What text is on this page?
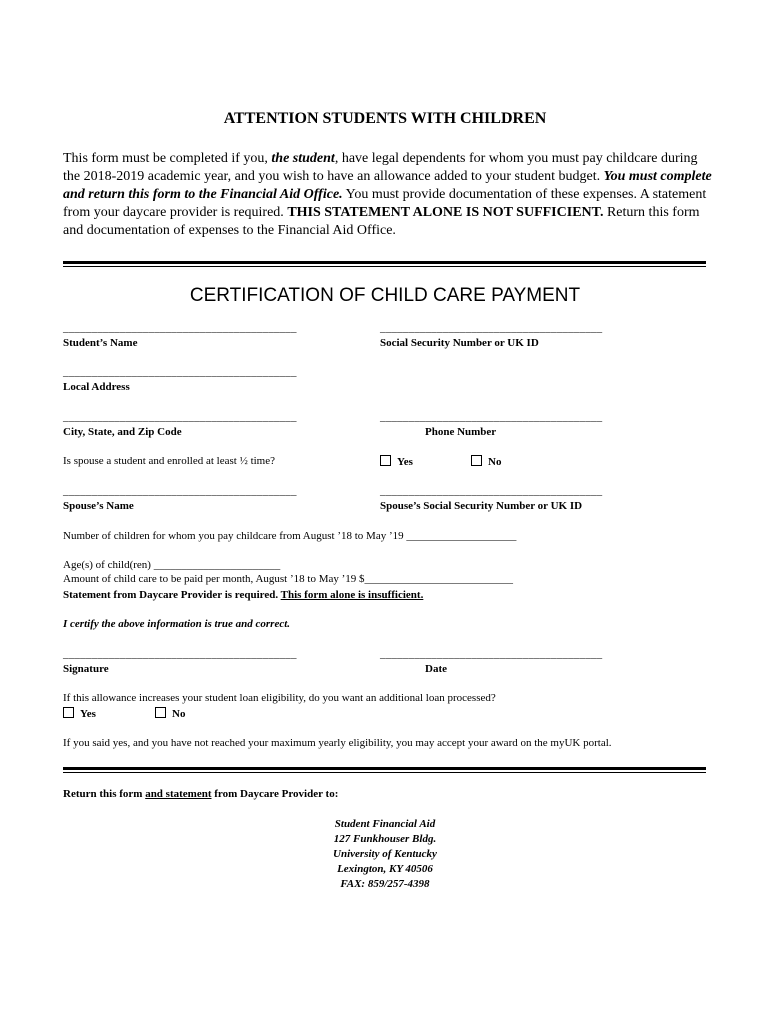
ATTENTION STUDENTS WITH CHILDREN
This form must be completed if you, the student, have legal dependents for whom you must pay childcare during the 2018-2019 academic year, and you wish to have an allowance added to your student budget. You must complete and return this form to the Financial Aid Office. You must provide documentation of these expenses. A statement from your daycare provider is required. THIS STATEMENT ALONE IS NOT SUFFICIENT. Return this form and documentation of expenses to the Financial Aid Office.
CERTIFICATION OF CHILD CARE PAYMENT
_________________________________________	_______________________________________
Student’s Name	Social Security Number or UK ID
_________________________________________
Local Address
_________________________________________	_______________________________________
City, State, and Zip Code	Phone Number
Is spouse a student and enrolled at least ½ time?	Yes	No
_________________________________________	_______________________________________
Spouse’s Name	Spouse’s Social Security Number or UK ID
Number of children for whom you pay childcare from August ’18 to May ’19 ____________________
Age(s) of child(ren) _______________________
Amount of child care to be paid per month, August ’18 to May ’19 $___________________________
Statement from Daycare Provider is required. This form alone is insufficient.
I certify the above information is true and correct.
_________________________________________	_______________________________________
Signature	Date
If this allowance increases your student loan eligibility, do you want an additional loan processed?
Yes	No
If you said yes, and you have not reached your maximum yearly eligibility, you may accept your award on the myUK portal.
Return this form and statement from Daycare Provider to:
Student Financial Aid
127 Funkhouser Bldg.
University of Kentucky
Lexington, KY 40506
FAX: 859/257-4398
